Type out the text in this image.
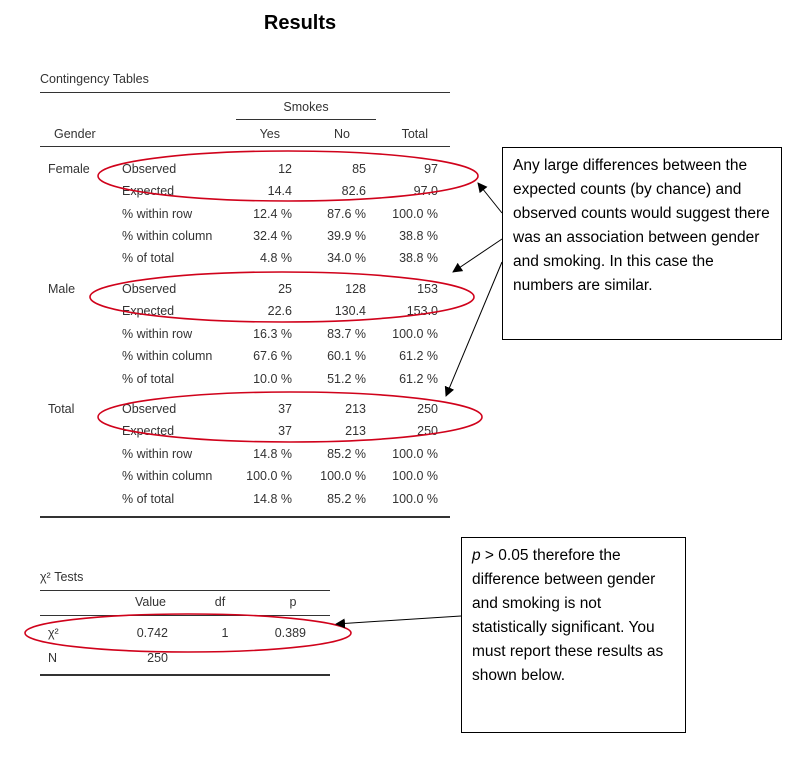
Results
Contingency Tables
Smokes
Gender	Yes	No	Total
Female	Observed	12	85	97
Expected	14.4	82.6	97.0
% within row	12.4 %	87.6 %	100.0 %
% within column	32.4 %	39.9 %	38.8 %
% of total	4.8 %	34.0 %	38.8 %
Male	Observed	25	128	153
Expected	22.6	130.4	153.0
% within row	16.3 %	83.7 %	100.0 %
% within column	67.6 %	60.1 %	61.2 %
% of total	10.0 %	51.2 %	61.2 %
Total	Observed	37	213	250
Expected	37	213	250
% within row	14.8 %	85.2 %	100.0 %
% within column	100.0 %	100.0 %	100.0 %
% of total	14.8 %	85.2 %	100.0 %
χ² Tests
Value	df	p
χ²	0.742	1	0.389
N	250
Any large differences between the expected counts (by chance) and observed counts would suggest there was an association between gender and smoking. In this case the numbers are similar.
p > 0.05 therefore the difference between gender and smoking is not statistically significant. You must report these results as shown below.
